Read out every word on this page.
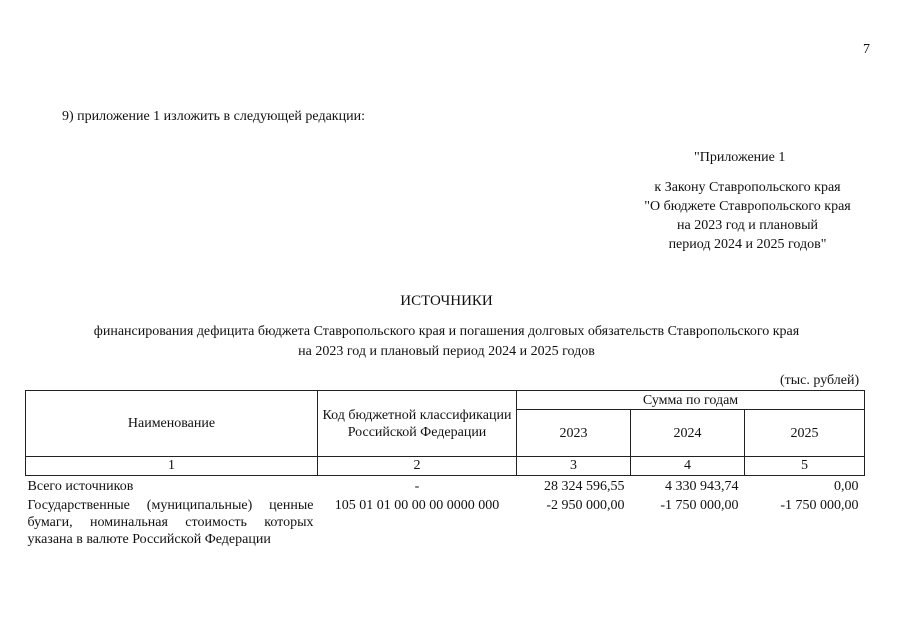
7
9) приложение 1 изложить в следующей редакции:
"Приложение 1
к Закону Ставропольского края
"О бюджете Ставропольского края
на 2023 год и плановый
период 2024 и 2025 годов"
ИСТОЧНИКИ
финансирования дефицита бюджета Ставропольского края и погашения долговых обязательств Ставропольского края
на 2023 год и плановый период 2024 и 2025 годов
(тыс. рублей)
Наименование	Код бюджетной классификации Российской Федерации	Сумма по годам		
		2023	2024	2025
1	2	3	4	5
Всего источников	-	28 324 596,55	4 330 943,74	0,00
Государственные (муниципальные) ценные бумаги, номинальная стоимость которых указана в валюте Российской Федерации	105 01 01 00 00 00 0000 000	-2 950 000,00	-1 750 000,00	-1 750 000,00
